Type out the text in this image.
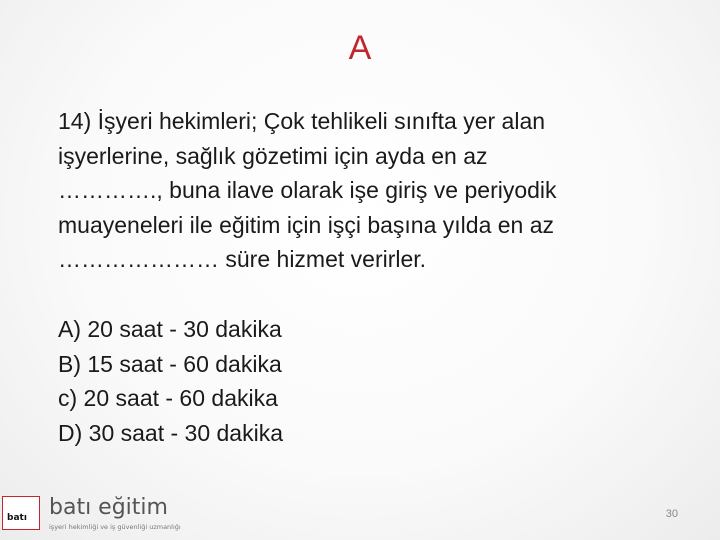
A
14) İşyeri hekimleri; Çok tehlikeli sınıfta yer alan
işyerlerine, sağlık gözetimi için ayda en az
…………., buna ilave olarak işe giriş ve periyodik
muayeneleri ile eğitim için işçi başına yılda en az
………………… süre hizmet verirler.
A) 20 saat - 30 dakika
B) 15 saat - 60 dakika
c) 20 saat - 60 dakika
D) 30 saat - 30 dakika
batı batı eğitim
işyeri hekimliği ve iş güvenliği uzmanlığı
30
